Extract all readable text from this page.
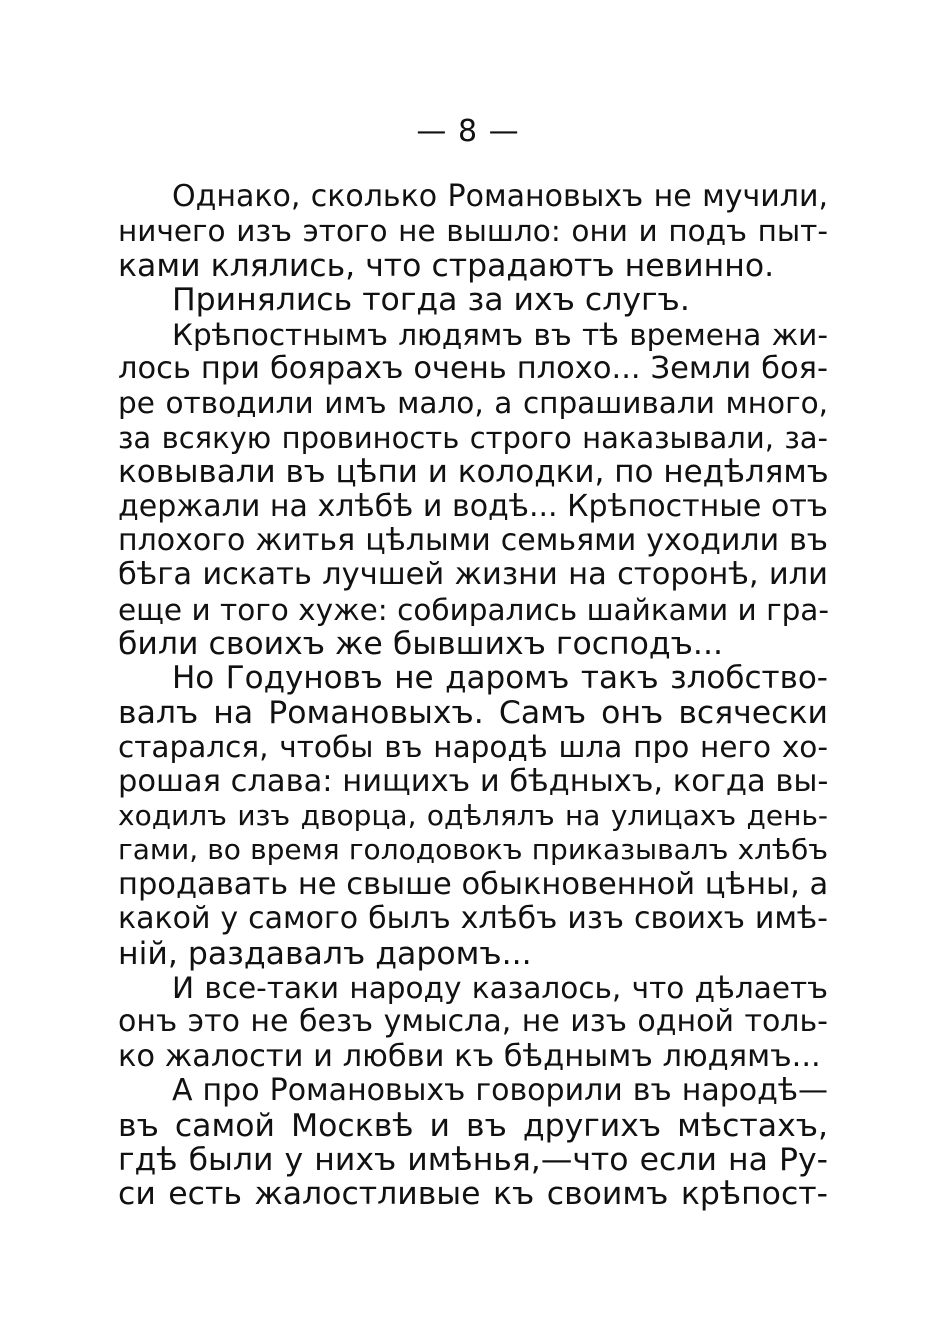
— 8 —
Однако, сколько Романовыхъ не мучили,
ничего изъ этого не вышло: они и подъ пыт-
ками клялись, что страдаютъ невинно.
Принялись тогда за ихъ слугъ.
Крѣпостнымъ людямъ въ тѣ времена жи-
лось при боярахъ очень плохо... Земли боя-
ре отводили имъ мало, а спрашивали много,
за всякую провиность строго наказывали, за-
ковывали въ цѣпи и колодки, по недѣлямъ
держали на хлѣбѣ и водѣ... Крѣпостные отъ
плохого житья цѣлыми семьями уходили въ
бѣга искать лучшей жизни на сторонѣ, или
еще и того хуже: собирались шайками и гра-
били своихъ же бывшихъ господъ...
Но Годуновъ не даромъ такъ злобство-
валъ на Романовыхъ. Самъ онъ всячески
старался, чтобы въ народѣ шла про него хо-
рошая слава: нищихъ и бѣдныхъ, когда вы-
ходилъ изъ дворца, одѣлялъ на улицахъ день-
гами, во время голодовокъ приказывалъ хлѣбъ
продавать не свыше обыкновенной цѣны, а
какой у самого былъ хлѣбъ изъ своихъ имѣ-
нiй, раздавалъ даромъ...
И все-таки народу казалось, что дѣлаетъ
онъ это не безъ умысла, не изъ одной толь-
ко жалости и любви къ бѣднымъ людямъ...
А про Романовыхъ говорили въ народѣ—
въ самой Москвѣ и въ другихъ мѣстахъ,
гдѣ были у нихъ имѣнья,—что если на Ру-
си есть жалостливые къ своимъ крѣпост-
